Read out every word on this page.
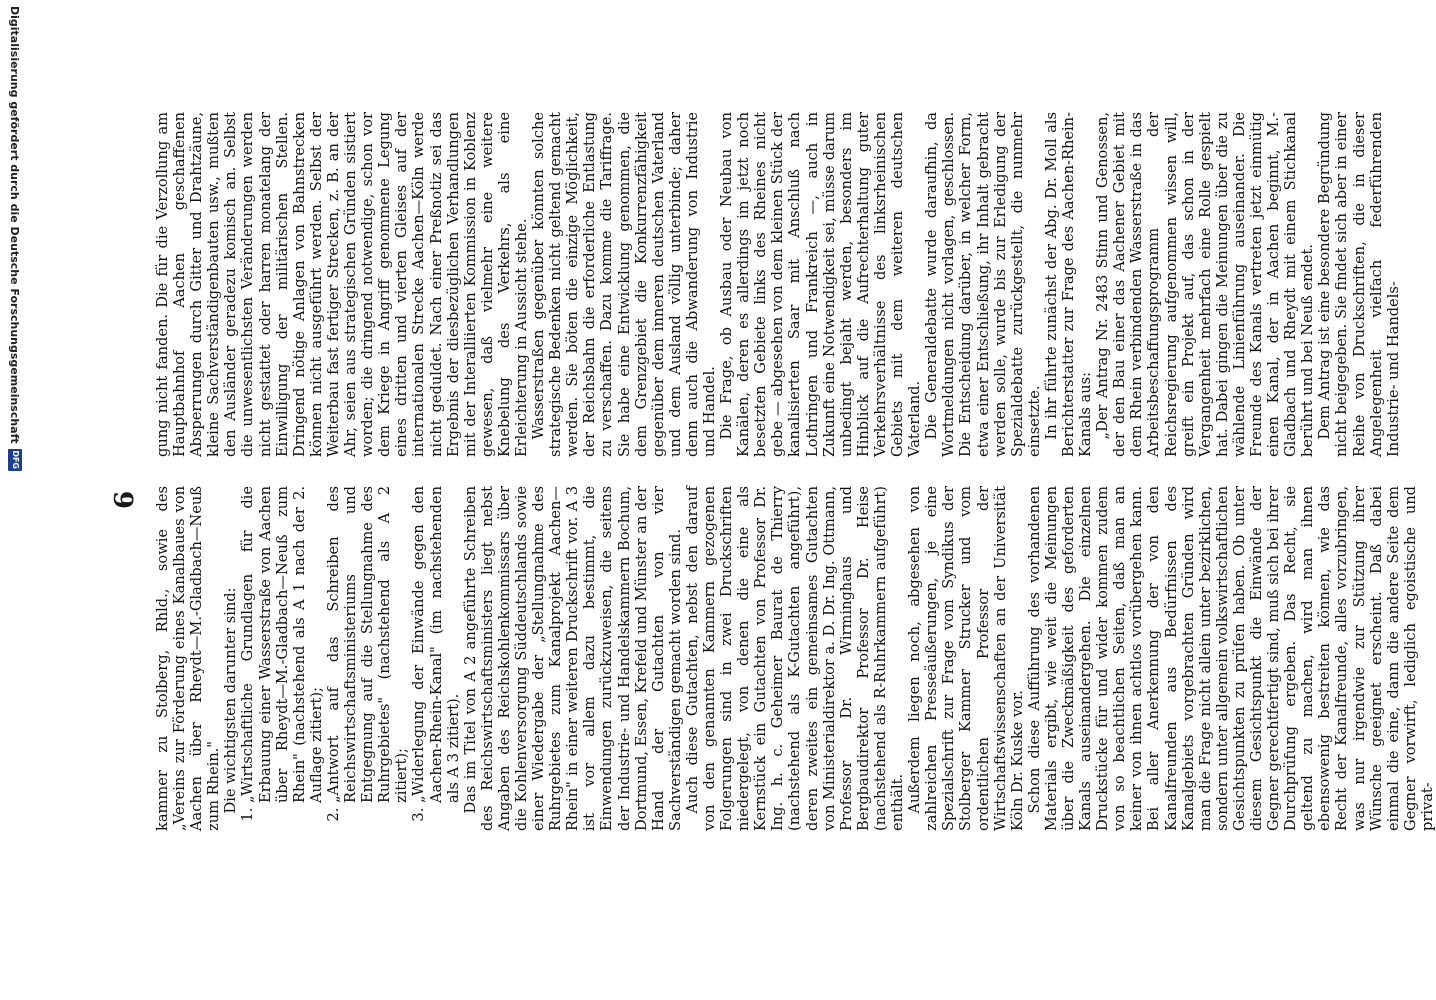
6

gung nicht fanden. Die für die Verzollung am Hauptbahnhof Aachen geschaffenen Absperrungen durch Gitter und Drahtzäune, kleine Sachverständigenbauten usw., mußten den Ausländer geradezu komisch an. Selbst die unwesentlichsten Veränderungen werden nicht gestattet oder harren monatelang der Einwilligung der militärischen Stellen. Dringend nötige Anlagen von Bahnstrecken können nicht ausgeführt werden. Selbst der Weiterbau fast fertiger Strecken, z. B. an der Ahr, seien aus strategischen Gründen sistiert worden; die dringend notwendige, schon vor dem Kriege in Angriff genommene Legung eines dritten und vierten Gleises auf der internationalen Strecke Aachen—Köln werde nicht geduldet. Nach einer Preßnotiz sei das Ergebnis der diesbezüglichen Verhandlungen mit der Interalliierten Kommission in Koblenz gewesen, daß vielmehr eine weitere Knebelung des Verkehrs, als eine Erleichterung in Aussicht stehe. Wasserstraßen gegenüber könnten solche strategische Bedenken nicht geltend gemacht werden. Sie böten die einzige Möglichkeit, der Reichsbahn die erforderliche Entlastung zu verschaffen. Dazu komme die Tariffrage. Sie habe eine Entwicklung genommen, die dem Grenzgebiet die Konkurrenzfähigkeit gegenüber dem inneren deutschen Vaterland und dem Ausland völlig unterbinde; daher denn auch die Abwanderung von Industrie und Handel. Die Frage, ob Ausbau oder Neubau von Kanälen, deren es allerdings im jetzt noch besetzten Gebiete links des Rheines nicht gebe — abgesehen von dem kleinen Stück der kanalisierten Saar mit Anschluß nach Lothringen und Frankreich —, auch in Zukunft eine Notwendigkeit sei, müsse darum unbedingt bejaht werden, besonders im Hinblick auf die Aufrechterhaltung guter Verkehrsverhältnisse des linksrheinischen Gebiets mit dem weiteren deutschen Vaterland. Die Generaldebatte wurde daraufhin, da Wortmeldungen nicht vorlagen, geschlossen. Die Entscheidung darüber, in welcher Form, etwa einer Entschließung, ihr Inhalt gebracht werden solle, wurde bis zur Erledigung der Spezialdebatte zurückgestellt, die nunmehr einsetzte. In ihr führte zunächst der Abg. Dr. Moll als Berichterstatter zur Frage des Aachen-Rhein-Kanals aus: „Der Antrag Nr. 2483 Stinn und Genossen, der den Bau einer das Aachener Gebiet mit dem Rhein verbindenden Wasserstraße in das Arbeitsbeschaffungsprogramm der Reichsregierung aufgenommen wissen will, greift ein Projekt auf, das schon in der Vergangenheit mehrfach eine Rolle gespielt hat. Dabei gingen die Meinungen über die zu wählende Linienführung auseinander. Die Freunde des Kanals vertreten jetzt einmütig einen Kanal, der in Aachen beginnt, M.-Gladbach und Rheydt mit einem Stichkanal berührt und bei Neuß endet. Dem Antrag ist eine besondere Begründung nicht beigegeben. Sie findet sich aber in einer Reihe von Druckschriften, die in dieser Angelegenheit vielfach federführenden Industrie- und Handels-

kammer zu Stolberg, Rhld., sowie des „Vereins zur Förderung eines Kanalbaues von Aachen über Rheydt—M.-Gladbach—Neuß zum Rhein." Die wichtigsten darunter sind: 1. „Wirtschaftliche Grundlagen für die Erbauung einer Wasserstraße von Aachen über Rheydt—M.-Gladbach—Neuß zum Rhein" (nachstehend als A 1 nach der 2. Auflage zitiert); 2. „Antwort auf das Schreiben des Reichswirtschaftsministeriums und Entgegnung auf die Stellungnahme des Ruhrgebietes" (nachstehend als A 2 zitiert); 3. „Widerlegung der Einwände gegen den Aachen-Rhein-Kanal" (im nachstehenden als A 3 zitiert). Das im Titel von A 2 angeführte Schreiben des Reichswirtschaftsministers liegt nebst Angaben des Reichskohlenkommissars über die Kohlenversorgung Süddeutschlands sowie einer Wiedergabe der „Stellungnahme des Ruhrgebietes zum Kanalprojekt Aachen—Rhein" in einer weiteren Druckschrift vor. A 3 ist vor allem dazu bestimmt, die Einwendungen zurückzuweisen, die seitens der Industrie- und Handelskammern Bochum, Dortmund, Essen, Krefeld und Münster an der Hand der Gutachten von vier Sachverständigen gemacht worden sind. Auch diese Gutachten, nebst den darauf von den genannten Kammern gezogenen Folgerungen sind in zwei Druckschriften niedergelegt, von denen die eine als Kernstück ein Gutachten von Professor Dr. Ing. h. c. Geheimer Baurat de Thierry (nachstehend als K-Gutachten angeführt), deren zweites ein gemeinsames Gutachten von Ministerialdirektor a. D. Dr. Ing. Ottmann, Professor Dr. Wirminghaus und Bergbaudirektor Professor Dr. Heise (nachstehend als R-Ruhrkammern aufgeführt) enthält. Außerdem liegen noch, abgesehen von zahlreichen Presseäußerungen, je eine Spezialschrift zur Frage vom Syndikus der Stolberger Kammer Strucker und vom ordentlichen Professor der Wirtschaftswissenschaften an der Universität Köln Dr. Kuske vor. Schon diese Aufführung des vorhandenen Materials ergibt, wie weit die Meinungen über die Zweckmäßigkeit des geforderten Kanals auseinandergehen. Die einzelnen Druckstücke für und wider kommen zudem von so beachtlichen Seiten, daß man an keiner von ihnen achtlos vorübergehen kann. Bei aller Anerkennung der von den Kanalfreunden aus Bedürfnissen des Kanalgebiets vorgebrachten Gründen wird man die Frage nicht allein unter bezirklichen, sondern unter allgemein volkswirtschaftlichen Gesichtspunkten zu prüfen haben. Ob unter diesem Gesichtspunkt die Einwände der Gegner gerechtfertigt sind, muß sich bei ihrer Durchprüfung ergeben. Das Recht, sie geltend zu machen, wird man ihnen ebensowenig bestreiten können, wie das Recht der Kanalfreunde, alles vorzubringen, was nur irgendwie zur Stützung ihrer Wünsche geeignet erscheint. Daß dabei einmal die eine, dann die andere Seite dem Gegner vorwirft, lediglich egoistische und privat-

Digitalisierung gefördert durch die Deutsche Forschungsgemeinschaft
DFG
